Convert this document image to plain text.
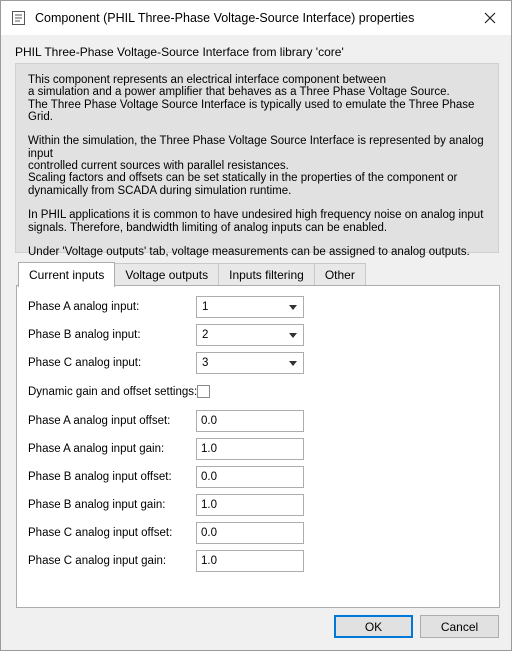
Component (PHIL Three-Phase Voltage-Source Interface) properties
PHIL Three-Phase Voltage-Source Interface from library 'core'

This component represents an electrical interface component between
a simulation and a power amplifier that behaves as a Three Phase Voltage Source.
The Three Phase Voltage Source Interface is typically used to emulate the Three Phase Grid.

Within the simulation, the Three Phase Voltage Source Interface is represented by analog input
controlled current sources with parallel resistances.
Scaling factors and offsets can be set statically in the properties of the component or
dynamically from SCADA during simulation runtime.

In PHIL applications it is common to have undesired high frequency noise on analog input
signals. Therefore, bandwidth limiting of analog inputs can be enabled.

Under 'Voltage outputs' tab, voltage measurements can be assigned to analog outputs.

Current inputs	Voltage outputs	Inputs filtering	Other
Phase A analog input:	1
Phase B analog input:	2
Phase C analog input:	3
Dynamic gain and offset settings:
Phase A analog input offset:	0.0
Phase A analog input gain:	1.0
Phase B analog input offset:	0.0
Phase B analog input gain:	1.0
Phase C analog input offset:	0.0
Phase C analog input gain:	1.0
OK	Cancel
